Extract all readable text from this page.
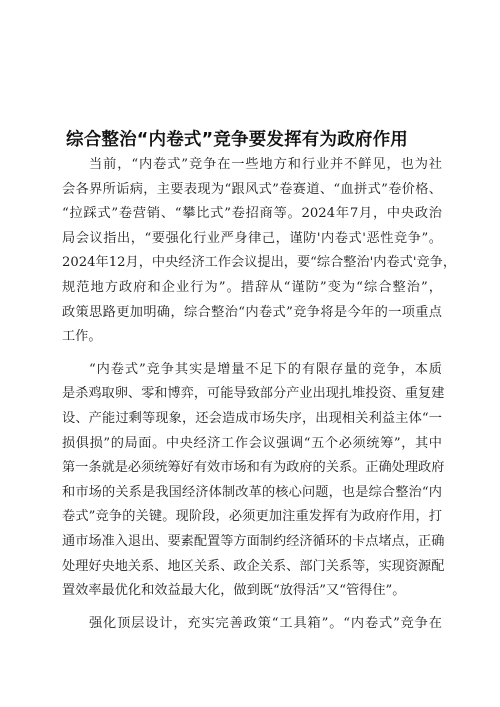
综合整治“内卷式”竞争要发挥有为政府作用
当前，“内卷式”竞争在一些地方和行业并不鲜见，也为社
会各界所诟病，主要表现为“跟风式”卷赛道、“血拼式”卷价格、
“拉踩式”卷营销、“攀比式”卷招商等。2024年7月，中央政治
局会议指出，“要强化行业严身律己，谨防'内卷式'恶性竞争”。
2024年12月，中央经济工作会议提出，要“综合整治'内卷式'竞争，
规范地方政府和企业行为”。措辞从“谨防”变为“综合整治”，
政策思路更加明确，综合整治“内卷式”竞争将是今年的一项重点
工作。
“内卷式”竞争其实是增量不足下的有限存量的竞争，本质
是杀鸡取卵、零和博弈，可能导致部分产业出现扎堆投资、重复建
设、产能过剩等现象，还会造成市场失序，出现相关利益主体“一
损俱损”的局面。中央经济工作会议强调“五个必须统筹”，其中
第一条就是必须统筹好有效市场和有为政府的关系。正确处理政府
和市场的关系是我国经济体制改革的核心问题，也是综合整治“内
卷式”竞争的关键。现阶段，必须更加注重发挥有为政府作用，打
通市场准入退出、要素配置等方面制约经济循环的卡点堵点，正确
处理好央地关系、地区关系、政企关系、部门关系等，实现资源配
置效率最优化和效益最大化，做到既“放得活”又“管得住”。
强化顶层设计，充实完善政策“工具箱”。“内卷式”竞争在
